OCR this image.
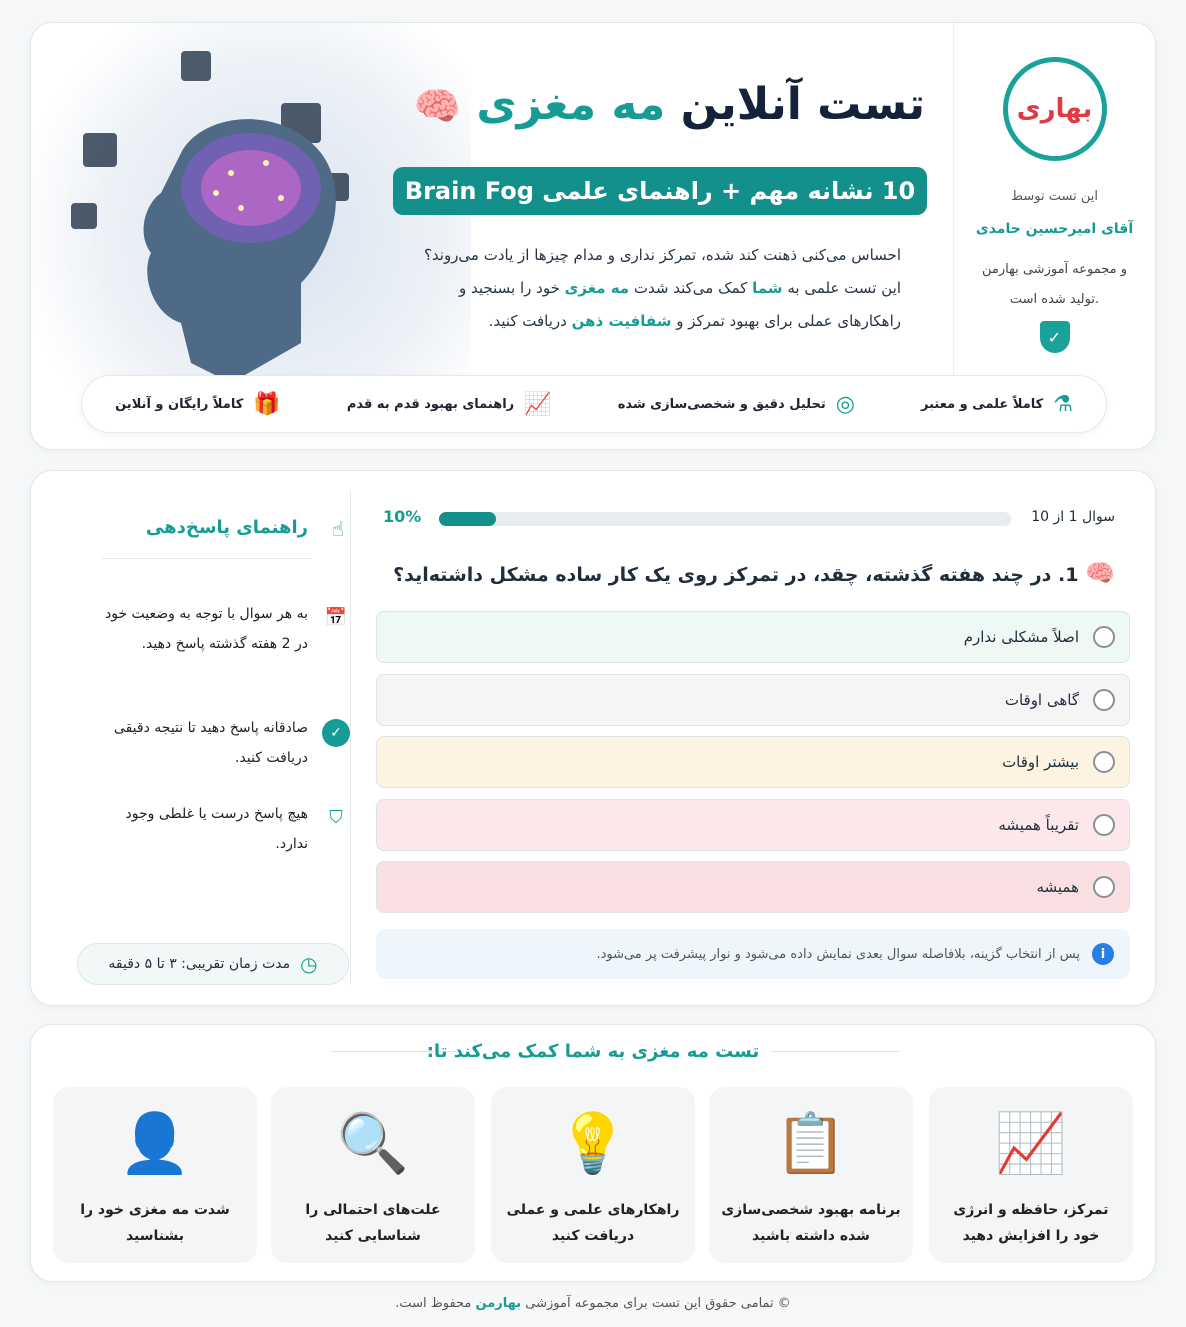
تست آنلاین مه مغزی 🧠
10 نشانه مهم + راهنمای علمی Brain Fog
احساس می‌کنی ذهنت کند شده، تمرکز نداری و مدام چیزها از یادت می‌روند؟
این تست علمی به شما کمک می‌کند شدت مه مغزی خود را بسنجید و
راهکارهای عملی برای بهبود تمرکز و شفافیت ذهن دریافت کنید.
بهاری
این تست توسط
آقای امیرحسین حامدی
و مجموعه آموزشی بهارمن تولید شده است.
✓
⚗
کاملاً علمی و معتبر
◎
تحلیل دقیق و شخصی‌سازی شده
📈
راهنمای بهبود قدم به قدم
🎁
کاملاً رایگان و آنلاین
☝
راهنمای پاسخ‌دهی
📅
به هر سوال با توجه به وضعیت خود در 2 هفته گذشته پاسخ دهید.
✓
صادقانه پاسخ دهید تا نتیجه دقیقی دریافت کنید.
⛉
هیچ پاسخ درست یا غلطی وجود ندارد.
◷
مدت زمان تقریبی: ۳ تا ۵ دقیقه
سوال 1 از 10
10%
🧠 1. در چند هفته گذشته، چقد، در تمرکز روی یک کار ساده مشکل داشته‌اید؟
اصلاً مشکلی ندارم
گاهی اوقات
بیشتر اوقات
تقریباً همیشه
همیشه
i
پس از انتخاب گزینه، بلافاصله سوال بعدی نمایش داده می‌شود و نوار پیشرفت پر می‌شود.
تست مه مغزی به شما کمک می‌کند تا:
📈
تمرکز، حافظه و انرژی خود را افزایش دهید
📋
برنامه بهبود شخصی‌سازی شده داشته باشید
💡
راهکارهای علمی و عملی دریافت کنید
🔍
علت‌های احتمالی را شناسایی کنید
👤
شدت مه مغزی خود را بشناسید
© تمامی حقوق این تست برای مجموعه آموزشی بهارمن محفوظ است.
